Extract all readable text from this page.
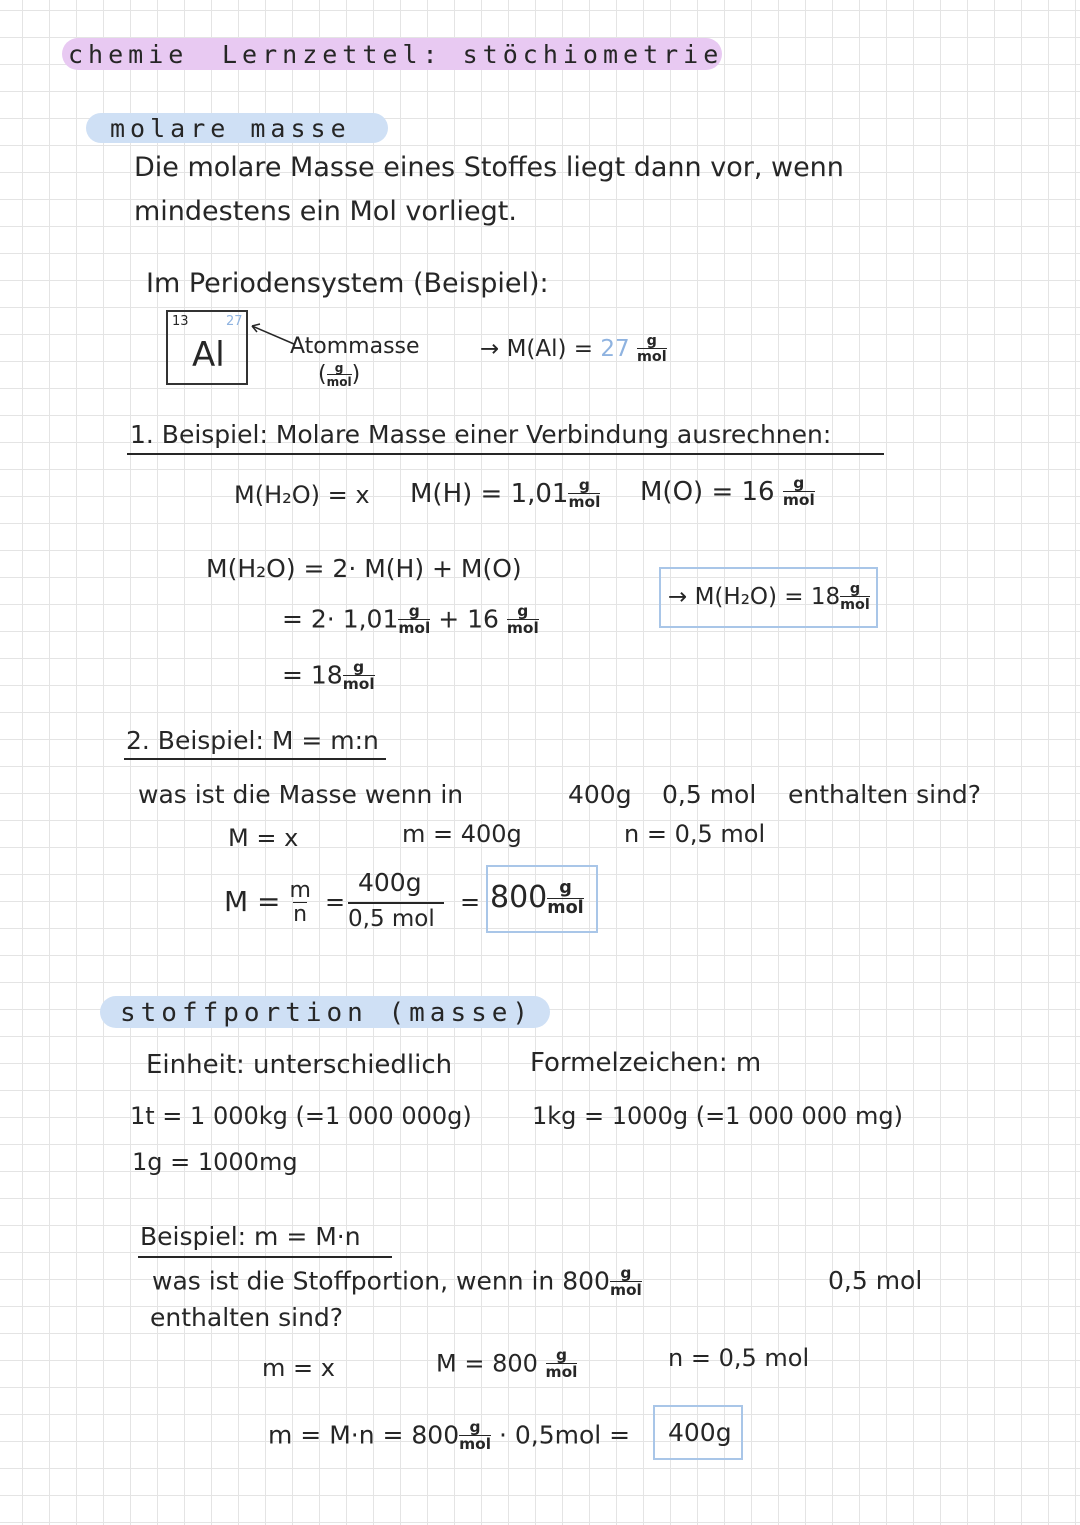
chemie Lernzettel: stöchiometrie
molare masse
Die molare Masse eines Stoffes liegt dann vor, wenn
mindestens ein Mol vorliegt.
Im Periodensystem (Beispiel):
13	27
Al	Atommasse
( $\frac{g}{\text{mol}}$ )
→ $M(Al) = 27 \frac{g}{\text{mol}}$
1. Beispiel: Molare Masse einer Verbindung ausrechnen:
M(H₂O) = x $M(H) = 1,01 \frac{g}{\text{mol}} M(O) = 16 \frac{g}{\text{mol}}$
M(H₂O) = 2· M(H) + M(O)
= $2\cdot 1,01 \frac{g}{\text{mol}} + 16 \frac{g}{\text{mol}}$
= $18 \frac{g}{\text{mol}}$
→ $M(H_2O) = 18 \frac{g}{\text{mol}}$
2. Beispiel: M = m:n
was ist die Masse wenn in	400g 0,5 mol enthalten sind?
M = x	m = 400g	n = 0,5 mol
$M = \frac{m}{n}$ =
400g
0,5 mol
= $800 \frac{g}{\text{mol}}$
stoffportion (masse)
Einheit: unterschiedlich	Formelzeichen: m
1t = 1 000kg (=1 000 000g)	1kg = 1000g (=1 000 000 mg)
1g = 1000mg
Beispiel: m = M·n
was ist die Stoffportion, wenn in $800 \frac{g}{\text{mol}}$	0,5 mol
enthalten sind?
m = x	$M = 800 \frac{g}{\text{mol}}$	n = 0,5 mol
$m = M\cdot n = 800 \frac{g}{\text{mol}} \cdot 0,5mol = 400g$
